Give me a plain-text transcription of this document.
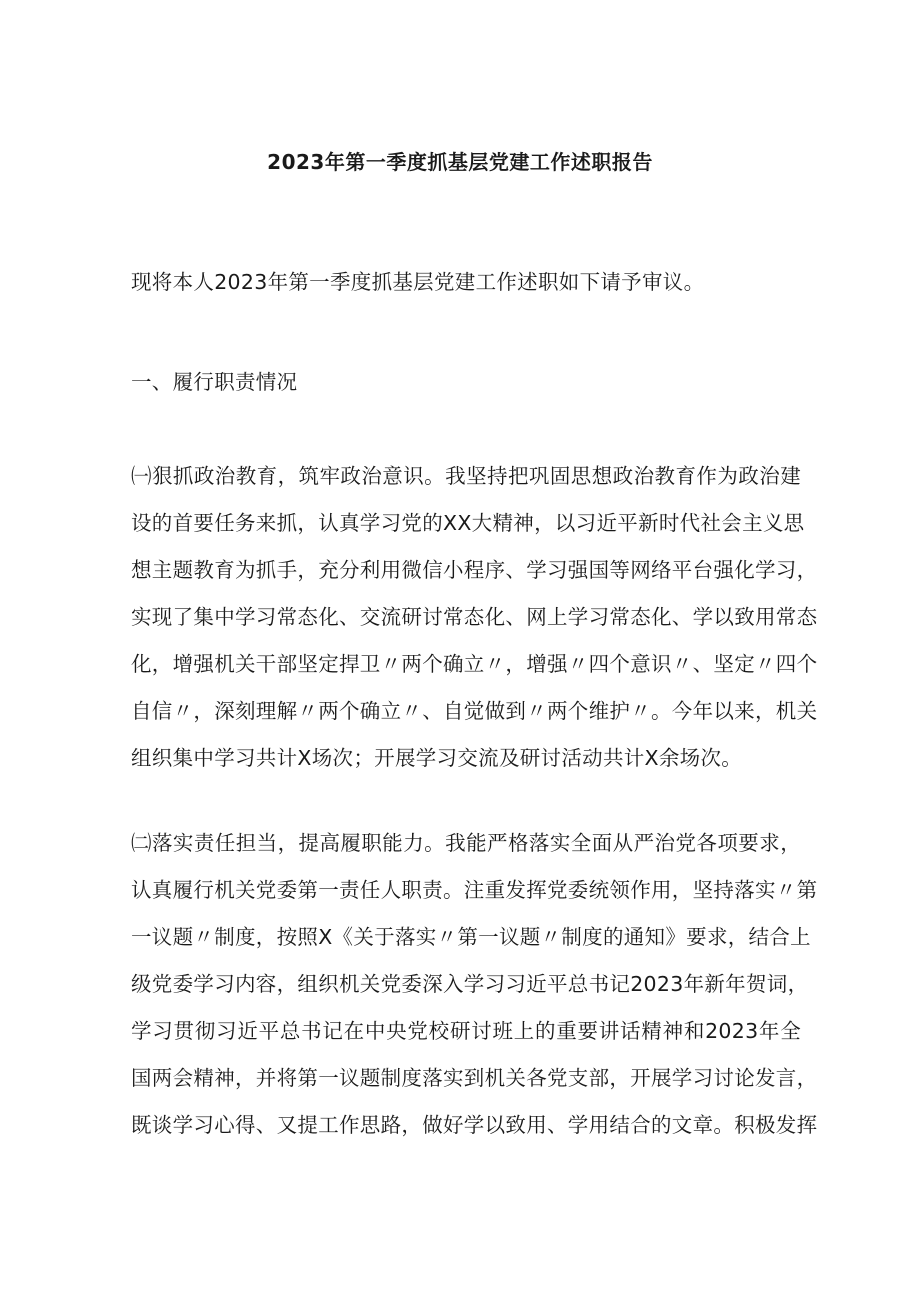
2023年第一季度抓基层党建工作述职报告
现将本人2023年第一季度抓基层党建工作述职如下请予审议。
一、履行职责情况
㈠狠抓政治教育，筑牢政治意识。我坚持把巩固思想政治教育作为政治建
设的首要任务来抓，认真学习党的XX大精神，以习近平新时代社会主义思
想主题教育为抓手，充分利用微信小程序、学习强国等网络平台强化学习，
实现了集中学习常态化、交流研讨常态化、网上学习常态化、学以致用常态
化，增强机关干部坚定捍卫〃两个确立〃，增强〃四个意识〃、坚定〃四个
自信〃，深刻理解〃两个确立〃、自觉做到〃两个维护〃。今年以来，机关
组织集中学习共计X场次；开展学习交流及研讨活动共计X余场次。
㈡落实责任担当，提高履职能力。我能严格落实全面从严治党各项要求，
认真履行机关党委第一责任人职责。注重发挥党委统领作用，坚持落实〃第
一议题〃制度，按照X《关于落实〃第一议题〃制度的通知》要求，结合上
级党委学习内容，组织机关党委深入学习习近平总书记2023年新年贺词，
学习贯彻习近平总书记在中央党校研讨班上的重要讲话精神和2023年全
国两会精神，并将第一议题制度落实到机关各党支部，开展学习讨论发言，
既谈学习心得、又提工作思路，做好学以致用、学用结合的文章。积极发挥
